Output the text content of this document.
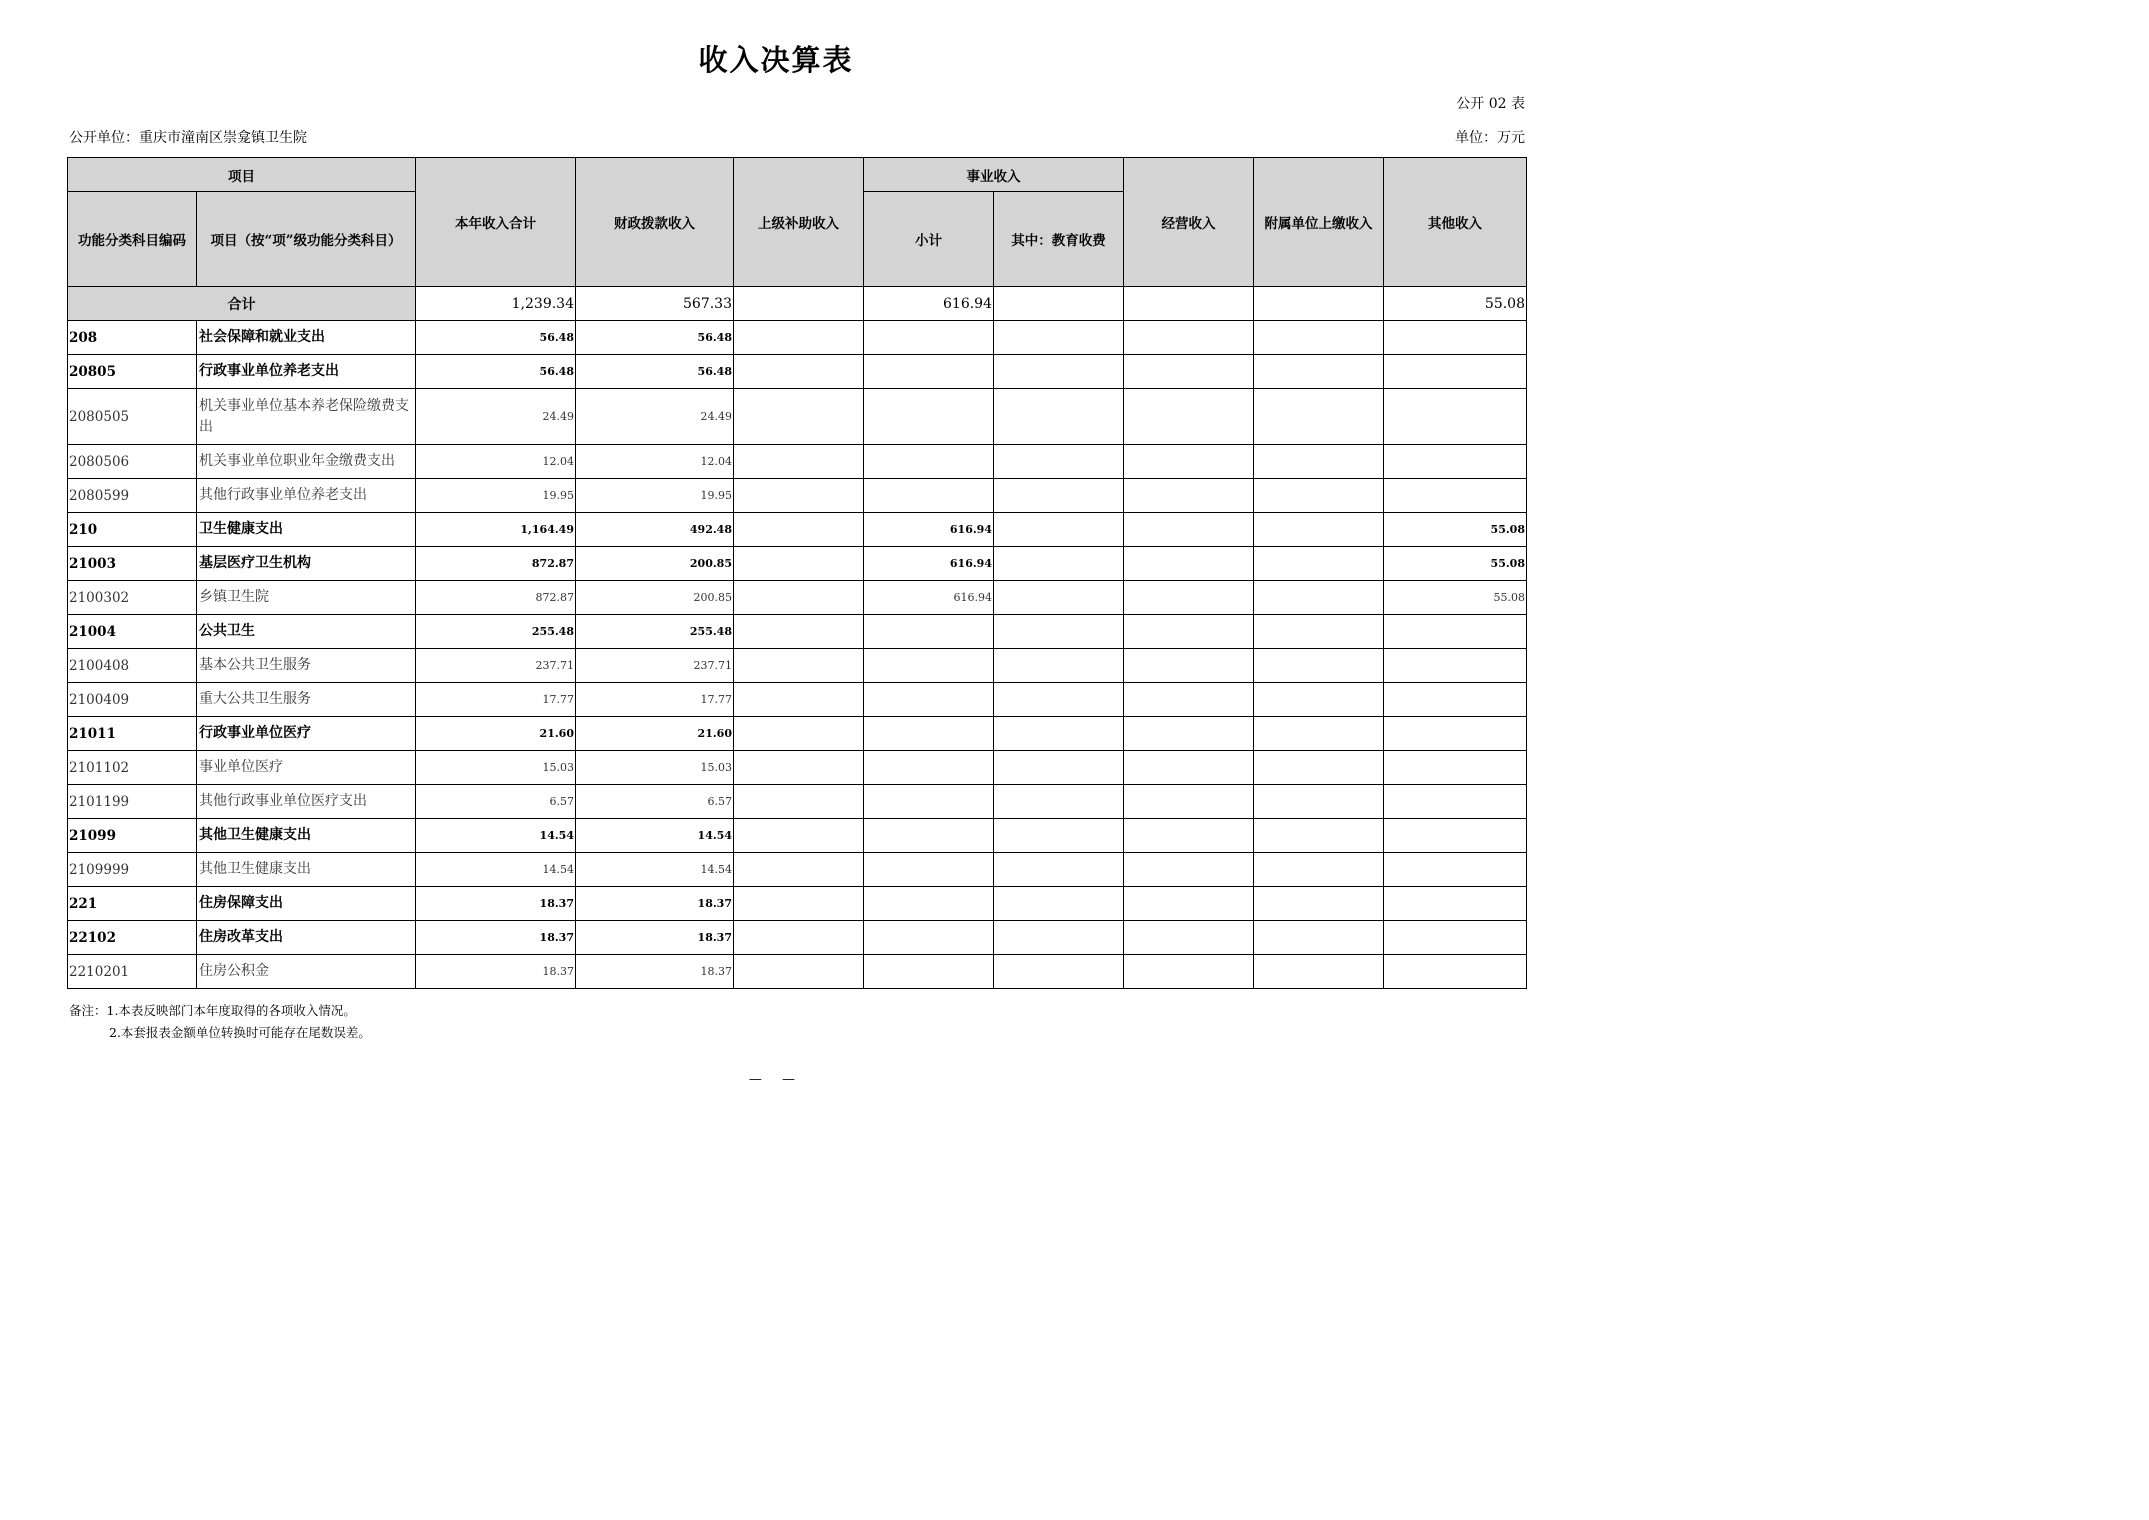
收入决算表
公开 02 表
公开单位：重庆市潼南区崇龛镇卫生院	单位：万元
项目		本年收入合计	财政拨款收入	上级补助收入	事业收入		经营收入	附属单位上缴收入	其他收入
功能分类科目编码	项目（按“项”级功能分类科目）				小计	其中：教育收费			
合计		1,239.34	567.33		616.94				55.08
208	社会保障和就业支出	56.48	56.48						
20805	行政事业单位养老支出	56.48	56.48						
2080505	机关事业单位基本养老保险缴费支出	24.49	24.49						
2080506	机关事业单位职业年金缴费支出	12.04	12.04						
2080599	其他行政事业单位养老支出	19.95	19.95						
210	卫生健康支出	1,164.49	492.48		616.94				55.08
21003	基层医疗卫生机构	872.87	200.85		616.94				55.08
2100302	乡镇卫生院	872.87	200.85		616.94				55.08
21004	公共卫生	255.48	255.48						
2100408	基本公共卫生服务	237.71	237.71						
2100409	重大公共卫生服务	17.77	17.77						
21011	行政事业单位医疗	21.60	21.60						
2101102	事业单位医疗	15.03	15.03						
2101199	其他行政事业单位医疗支出	6.57	6.57						
21099	其他卫生健康支出	14.54	14.54						
2109999	其他卫生健康支出	14.54	14.54						
221	住房保障支出	18.37	18.37						
22102	住房改革支出	18.37	18.37						
2210201	住房公积金	18.37	18.37						
备注：1.本表反映部门本年度取得的各项收入情况。
2.本套报表金额单位转换时可能存在尾数误差。
— —
